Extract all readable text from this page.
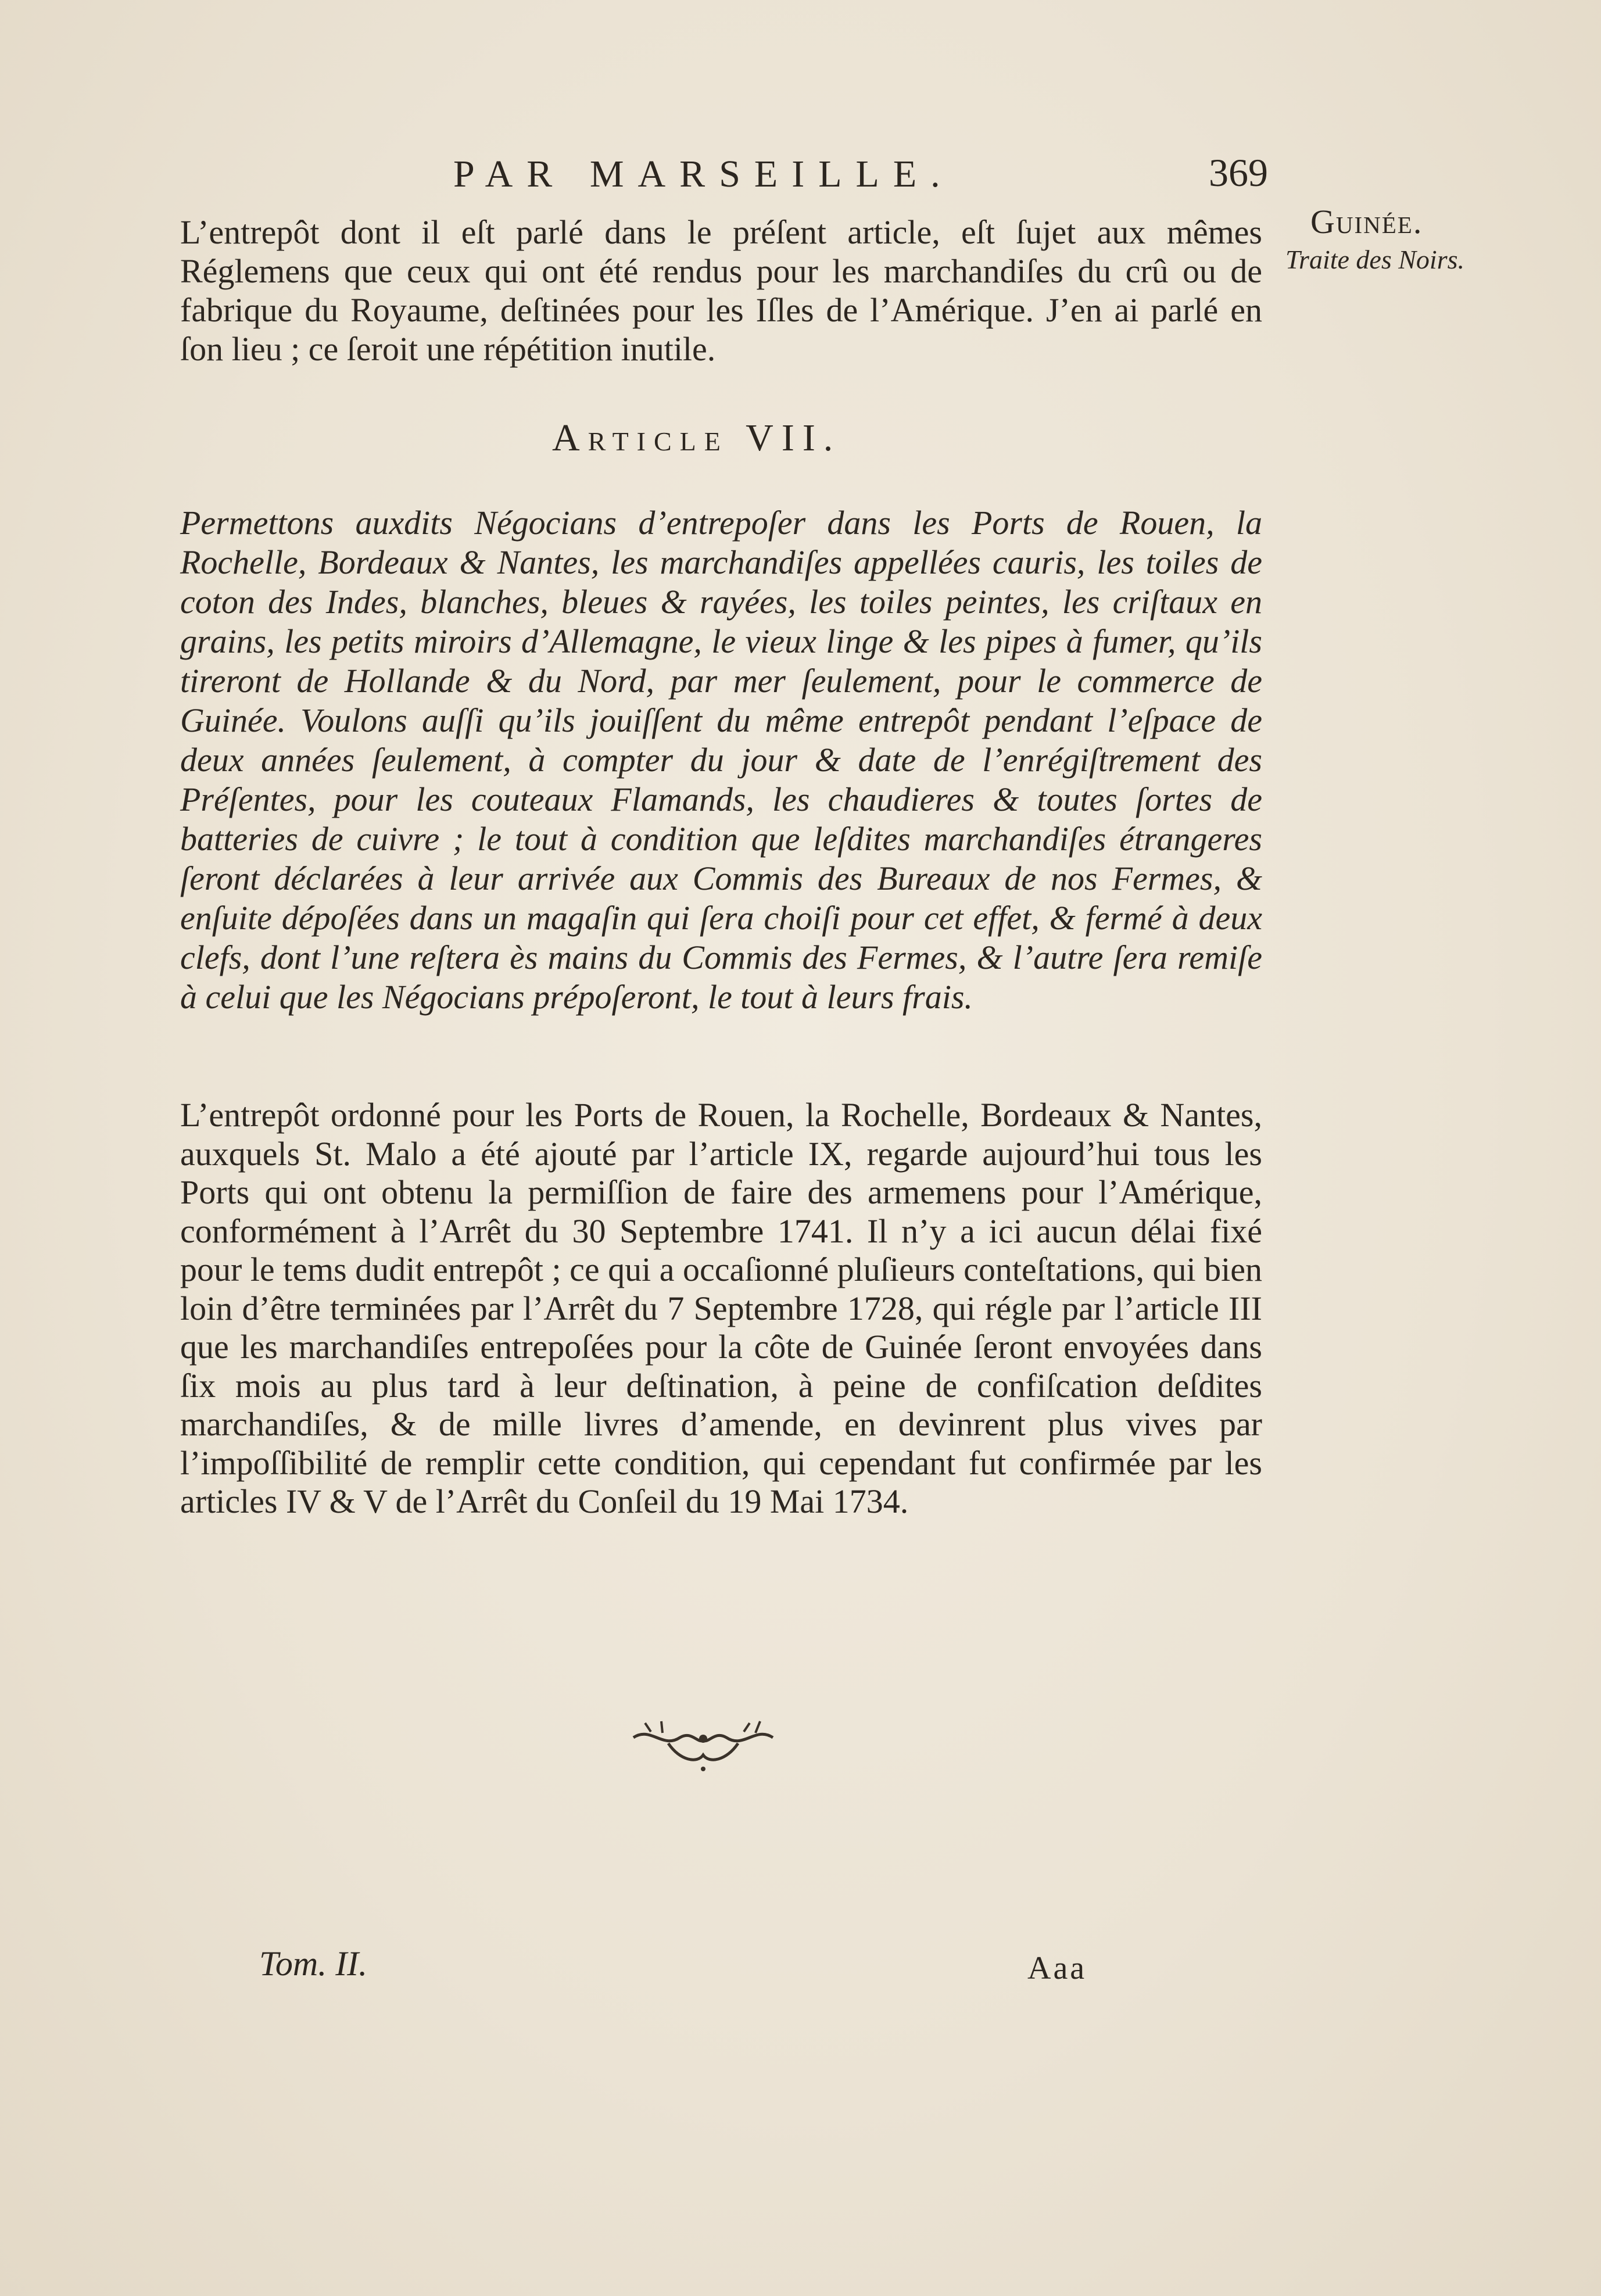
PAR MARSEILLE.	369
Guinée.
Traite des Noirs.

L’entrepôt dont il eſt parlé dans le préſent article, eſt ſujet aux mêmes Réglemens que ceux qui ont été rendus pour les marchandiſes du crû ou de fabrique du Royaume, deſtinées pour les Iſles de l’Amérique. J’en ai parlé en ſon lieu ; ce ſeroit une répétition inutile.

Article VII.

Permettons auxdits Négocians d’entrepoſer dans les Ports de Rouen, la Rochelle, Bordeaux & Nantes, les marchandiſes appellées cauris, les toiles de coton des Indes, blanches, bleues & rayées, les toiles peintes, les criſtaux en grains, les petits miroirs d’Allemagne, le vieux linge & les pipes à fumer, qu’ils tireront de Hollande & du Nord, par mer ſeulement, pour le commerce de Guinée. Voulons auſſi qu’ils jouiſſent du même entrepôt pendant l’eſpace de deux années ſeulement, à compter du jour & date de l’enrégiſtrement des Préſentes, pour les couteaux Flamands, les chaudieres & toutes ſortes de batteries de cuivre ; le tout à condition que leſdites marchandiſes étrangeres ſeront déclarées à leur arrivée aux Commis des Bureaux de nos Fermes, & enſuite dépoſées dans un magaſin qui ſera choiſi pour cet effet, & fermé à deux clefs, dont l’une reſtera ès mains du Commis des Fermes, & l’autre ſera remiſe à celui que les Négocians prépoſeront, le tout à leurs frais.

L’entrepôt ordonné pour les Ports de Rouen, la Rochelle, Bordeaux & Nantes, auxquels St. Malo a été ajouté par l’article IX, regarde aujourd’hui tous les Ports qui ont obtenu la permiſſion de faire des armemens pour l’Amérique, conformément à l’Arrêt du 30 Septembre 1741. Il n’y a ici aucun délai fixé pour le tems dudit entrepôt ; ce qui a occaſionné pluſieurs conteſtations, qui bien loin d’être terminées par l’Arrêt du 7 Septembre 1728, qui régle par l’article III que les marchandiſes entrepoſées pour la côte de Guinée ſeront envoyées dans ſix mois au plus tard à leur deſtination, à peine de confiſcation deſdites marchandiſes, & de mille livres d’amende, en devinrent plus vives par l’impoſſibilité de remplir cette condition, qui cependant fut confirmée par les articles IV & V de l’Arrêt du Conſeil du 19 Mai 1734.

Tom. II.	Aaa
